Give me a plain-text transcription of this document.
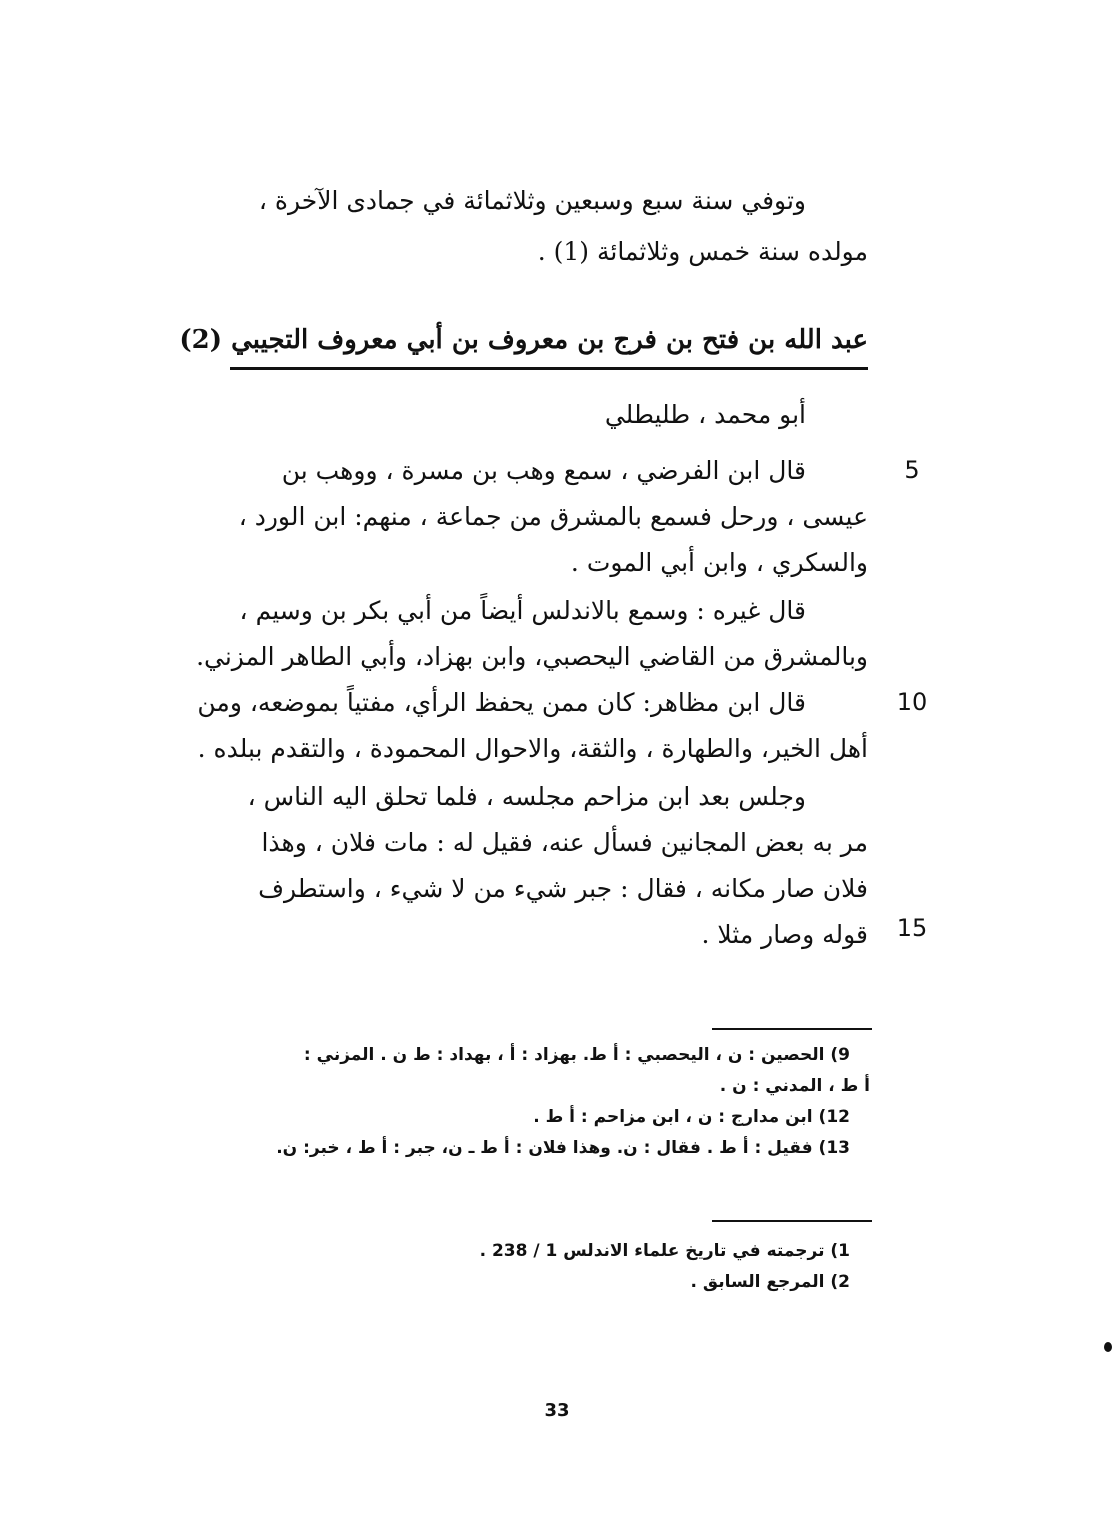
وتوفي سنة سبع وسبعين وثلاثمائة في جمادى الآخرة ،
مولده سنة خمس وثلاثمائة (1) .
عبد الله بن فتح بن فرج بن معروف بن أبي معروف التجيبي (2)
أبو محمد ، طليطلي
قال ابن الفرضي ، سمع وهب بن مسرة ، ووهب بن
عيسى ، ورحل فسمع بالمشرق من جماعة ، منهم: ابن الورد ،
والسكري ، وابن أبي الموت .
قال غيره : وسمع بالاندلس أيضاً من أبي بكر بن وسيم ،
وبالمشرق من القاضي اليحصبي، وابن بهزاد، وأبي الطاهر المزني.
قال ابن مظاهر: كان ممن يحفظ الرأي، مفتياً بموضعه، ومن
أهل الخير، والطهارة ، والثقة، والاحوال المحمودة ، والتقدم ببلده .
وجلس بعد ابن مزاحم مجلسه ، فلما تحلق اليه الناس ،
مر به بعض المجانين فسأل عنه، فقيل له : مات فلان ، وهذا
فلان صار مكانه ، فقال : جبر شيء من لا شيء ، واستطرف
قوله وصار مثلا .
5
10
15
9) الحصين : ن ، اليحصبي : أ ط. بهزاد : أ ، بهداد : ط ن . المزني :
أ ط ، المدني : ن .
12) ابن مدارج : ن ، ابن مزاحم : أ ط .
13) فقيل : أ ط . فقال : ن. وهذا فلان : أ ط ـ ن، جبر : أ ط ، خبر: ن.
1) ترجمته في تاريخ علماء الاندلس 1 / 238 .
2) المرجع السابق .
33
